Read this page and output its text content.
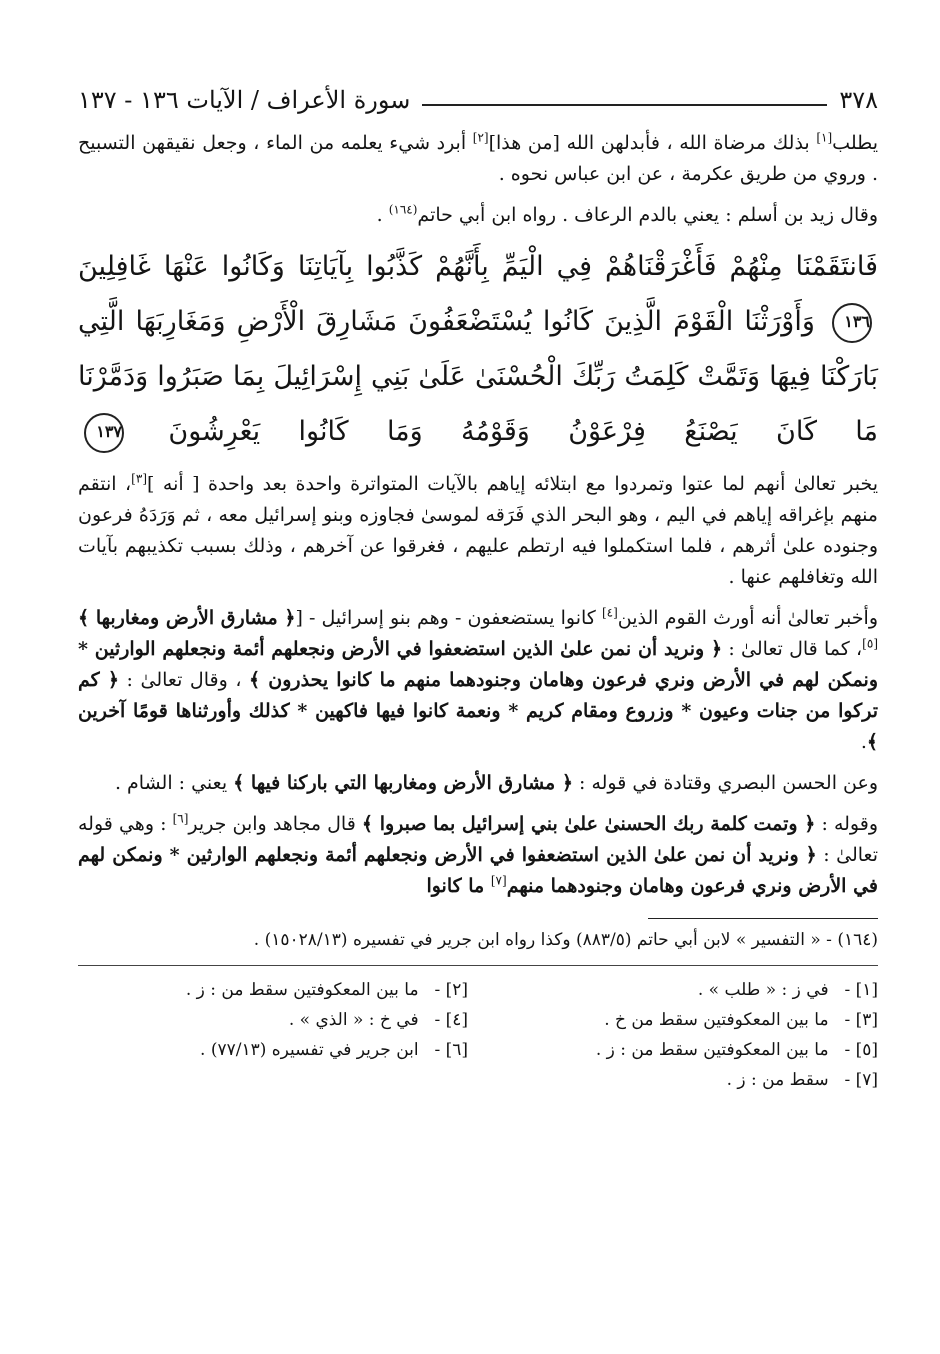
٣٧٨
سورة الأعراف / الآيات ١٣٦ - ١٣٧

يطلب[١] بذلك مرضاة الله ، فأبدلهن الله [من هذا][٢] أبرد شيء يعلمه من الماء ، وجعل نقيقهن التسبيح . وروي من طريق عكرمة ، عن ابن عباس نحوه .

وقال زيد بن أسلم : يعني بالدم الرعاف . رواه ابن أبي حاتم$^{(١٦٤)}$ .

فَانتَقَمْنَا مِنْهُمْ فَأَغْرَقْنَاهُمْ فِي الْيَمِّ بِأَنَّهُمْ كَذَّبُوا بِآيَاتِنَا وَكَانُوا عَنْهَا غَافِلِينَ ١٣٦ وَأَوْرَثْنَا الْقَوْمَ الَّذِينَ كَانُوا يُسْتَضْعَفُونَ مَشَارِقَ الْأَرْضِ وَمَغَارِبَهَا الَّتِي بَارَكْنَا فِيهَا وَتَمَّتْ كَلِمَتُ رَبِّكَ الْحُسْنَىٰ عَلَىٰ بَنِي إِسْرَائِيلَ بِمَا صَبَرُوا وَدَمَّرْنَا مَا كَانَ يَصْنَعُ فِرْعَوْنُ وَقَوْمُهُ وَمَا كَانُوا يَعْرِشُونَ ١٣٧

يخبر تعالىٰ أنهم لما عتوا وتمردوا مع ابتلائه إياهم بالآيات المتواترة واحدة بعد واحدة [ أنه ][٣]، انتقم منهم بإغراقه إياهم في اليم ، وهو البحر الذي فَرَقه لموسىٰ فجاوزه وبنو إسرائيل معه ، ثم وَرَدَهُ فرعون وجنوده علىٰ أثرهم ، فلما استكملوا فيه ارتطم عليهم ، فغرقوا عن آخرهم ، وذلك بسبب تكذيبهم بآيات الله وتغافلهم عنها .

وأخبر تعالىٰ أنه أورث القوم الذين[٤] كانوا يستضعفون - وهم بنو إسرائيل - [﴿ مشارق الأرض ومغاربها ﴾[٥]، كما قال تعالىٰ : ﴿ ونريد أن نمن علىٰ الذين استضعفوا في الأرض ونجعلهم أئمة ونجعلهم الوارثين * ونمكن لهم في الأرض ونري فرعون وهامان وجنودهما منهم ما كانوا يحذرون ﴾ ، وقال تعالىٰ : ﴿ كم تركوا من جنات وعيون * وزروع ومقام كريم * ونعمة كانوا فيها فاكهين * كذلك وأورثناها قومًا آخرين ﴾.

وعن الحسن البصري وقتادة في قوله : ﴿ مشارق الأرض ومغاربها التي باركنا فيها ﴾ يعني : الشام .

وقوله : ﴿ وتمت كلمة ربك الحسنىٰ علىٰ بني إسرائيل بما صبروا ﴾ قال مجاهد وابن جرير[٦] : وهي قوله تعالىٰ : ﴿ ونريد أن نمن علىٰ الذين استضعفوا في الأرض ونجعلهم أئمة ونجعلهم الوارثين * ونمكن لهم في الأرض ونري فرعون وهامان وجنودهما منهم[٧] ما كانوا

(١٦٤) - « التفسير » لابن أبي حاتم (٨٨٣/٥) وكذا رواه ابن جرير في تفسيره (١٥٠٢٨/١٣) .
[١] - في ز : « طلب » .
[٢] - ما بين المعكوفتين سقط من : ز .
[٣] - ما بين المعكوفتين سقط من خ .
[٤] - في خ : « الذي » .
[٥] - ما بين المعكوفتين سقط من : ز .
[٦] - ابن جرير في تفسيره (٧٧/١٣) .
[٧] - سقط من : ز .
